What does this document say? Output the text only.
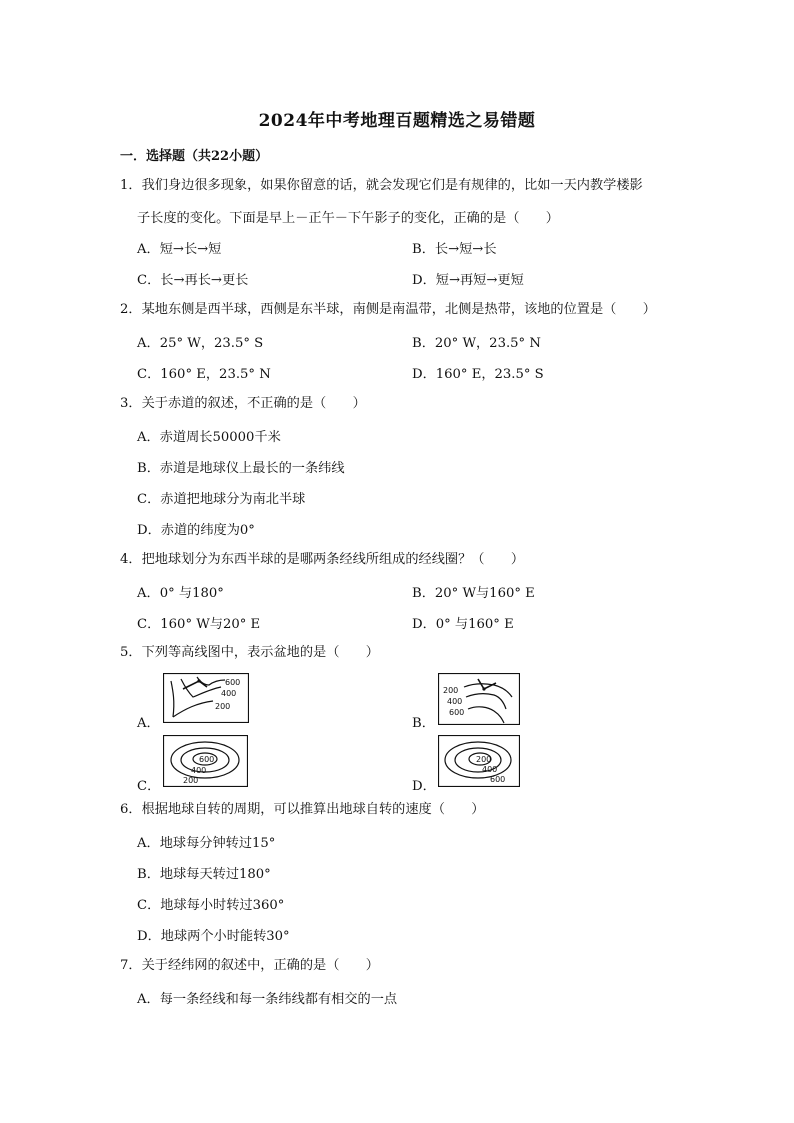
2024年中考地理百题精选之易错题
一．选择题（共22小题）
1．我们身边很多现象，如果你留意的话，就会发现它们是有规律的，比如一天内教学楼影
子长度的变化。下面是早上－正午－下午影子的变化，正确的是（　　）
A．短→长→短	B．长→短→长
C．长→再长→更长	D．短→再短→更短
2．某地东侧是西半球，西侧是东半球，南侧是南温带，北侧是热带，该地的位置是（　　）
A．25° W，23.5° S	B．20° W，23.5° N
C．160° E，23.5° N	D．160° E，23.5° S
3．关于赤道的叙述，不正确的是（　　）
A．赤道周长50000千米
B．赤道是地球仪上最长的一条纬线
C．赤道把地球分为南北半球
D．赤道的纬度为0°
4．把地球划分为东西半球的是哪两条经线所组成的经线圈？（　　）
A．0° 与180°	B．20° W与160° E
C．160° W与20° E	D．0° 与160° E
5．下列等高线图中，表示盆地的是（　　）
A．
600
400
200
B．
200
400
600
C．
600
400
200	D．
200
400
600
6．根据地球自转的周期，可以推算出地球自转的速度（　　）
A．地球每分钟转过15°
B．地球每天转过180°
C．地球每小时转过360°
D．地球两个小时能转30°
7．关于经纬网的叙述中，正确的是（　　）
A．每一条经线和每一条纬线都有相交的一点
